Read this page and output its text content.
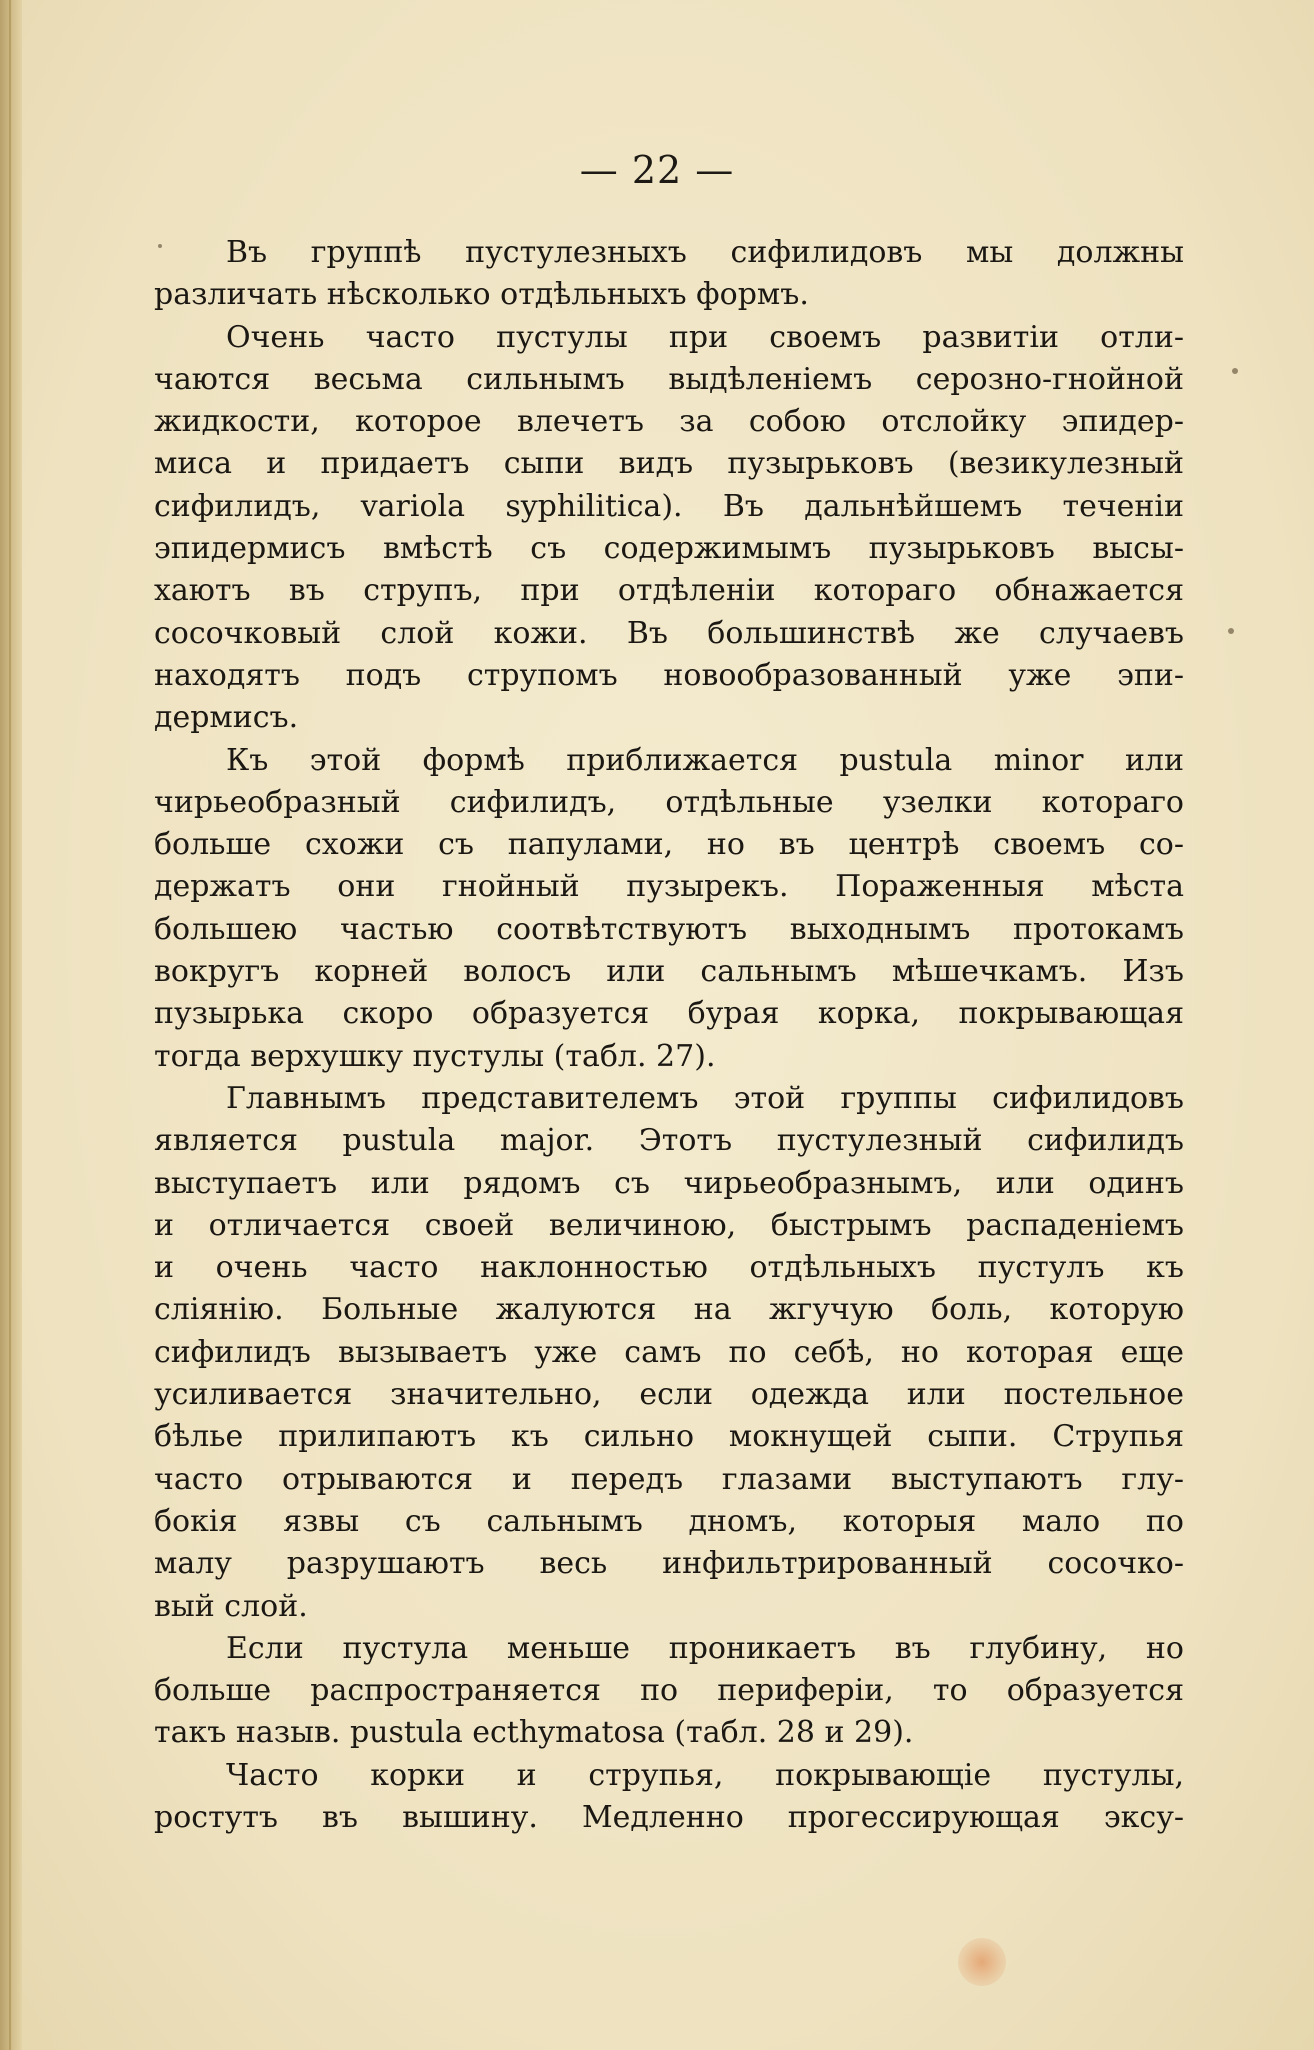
— 22 —
Въ группѣ пустулезныхъ сифилидовъ мы должны
различать нѣсколько отдѣльныхъ формъ.
Очень часто пустулы при своемъ развитіи отли-
чаются весьма сильнымъ выдѣленіемъ серозно-гнойной
жидкости, которое влечетъ за собою отслойку эпидер-
миса и придаетъ сыпи видъ пузырьковъ (везикулезный
сифилидъ, variola syphilitica). Въ дальнѣйшемъ теченіи
эпидермисъ вмѣстѣ съ содержимымъ пузырьковъ высы-
хаютъ въ струпъ, при отдѣленіи котораго обнажается
сосочковый слой кожи. Въ большинствѣ же случаевъ
находятъ подъ струпомъ новообразованный уже эпи-
дермисъ.
Къ этой формѣ приближается pustula minor или
чирьеобразный сифилидъ, отдѣльные узелки котораго
больше схожи съ папулами, но въ центрѣ своемъ со-
держатъ они гнойный пузырекъ. Пораженныя мѣста
большею частью соотвѣтствуютъ выходнымъ протокамъ
вокругъ корней волосъ или сальнымъ мѣшечкамъ. Изъ
пузырька скоро образуется бурая корка, покрывающая
тогда верхушку пустулы (табл. 27).
Главнымъ представителемъ этой группы сифилидовъ
является pustula major. Этотъ пустулезный сифилидъ
выступаетъ или рядомъ съ чирьеобразнымъ, или одинъ
и отличается своей величиною, быстрымъ распаденіемъ
и очень часто наклонностью отдѣльныхъ пустулъ къ
сліянію. Больные жалуются на жгучую боль, которую
сифилидъ вызываетъ уже самъ по себѣ, но которая еще
усиливается значительно, если одежда или постельное
бѣлье прилипаютъ къ сильно мокнущей сыпи. Струпья
часто отрываются и передъ глазами выступаютъ глу-
бокія язвы съ сальнымъ дномъ, которыя мало по
малу разрушаютъ весь инфильтрированный сосочко-
вый слой.
Если пустула меньше проникаетъ въ глубину, но
больше распространяется по периферіи, то образуется
такъ назыв. pustula ecthymatosa (табл. 28 и 29).
Часто корки и струпья, покрывающіе пустулы,
ростутъ въ вышину. Медленно прогессирующая эксу-
